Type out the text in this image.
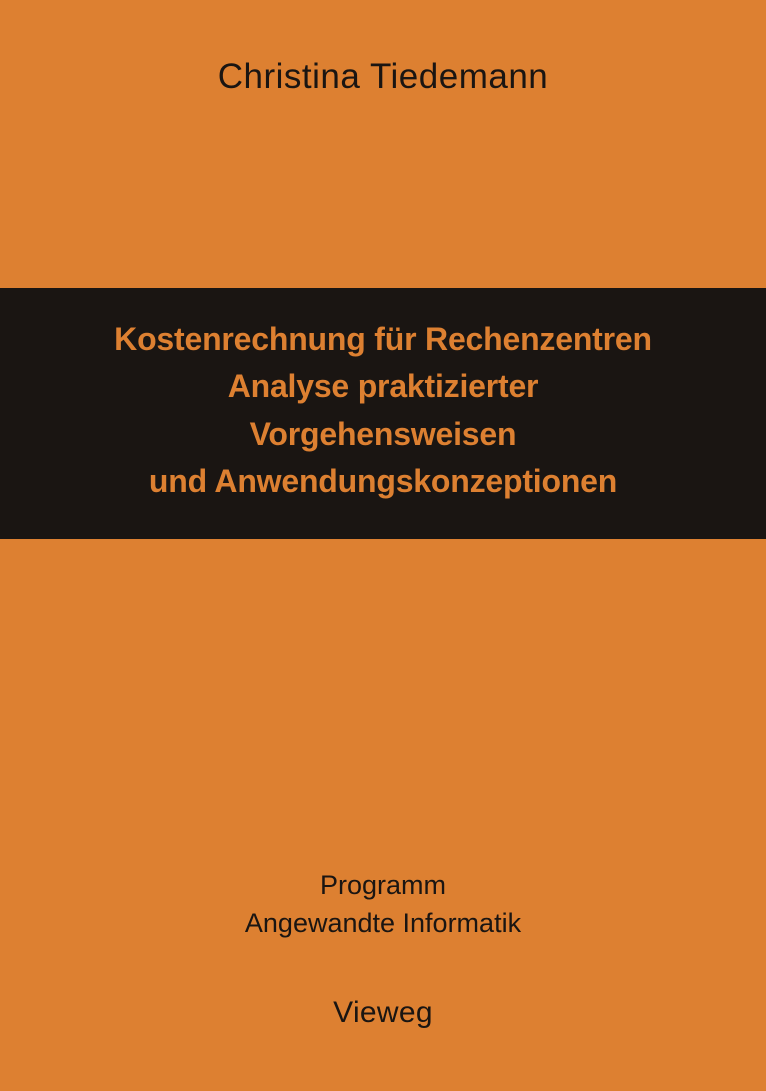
Christina Tiedemann
Kostenrechnung für Rechenzentren
Analyse praktizierter
Vorgehensweisen
und Anwendungskonzeptionen
Programm
Angewandte Informatik
Vieweg
